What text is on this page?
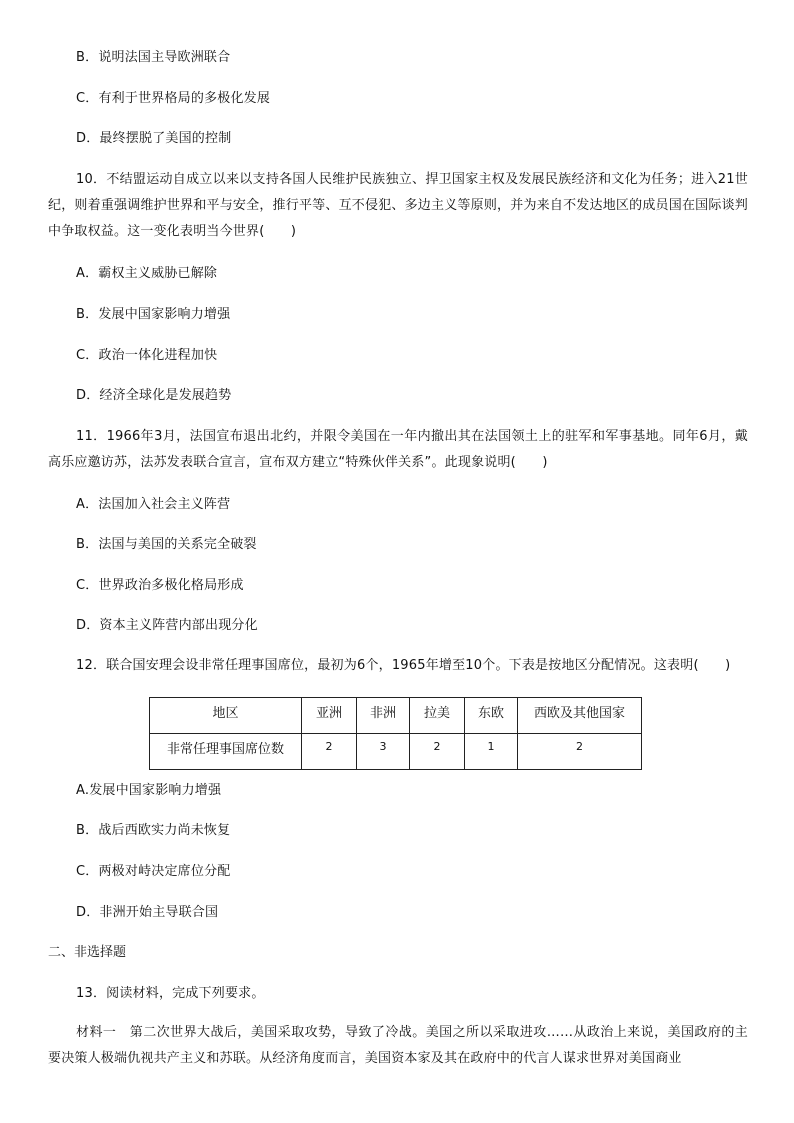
B．说明法国主导欧洲联合
C．有利于世界格局的多极化发展
D．最终摆脱了美国的控制
10．不结盟运动自成立以来以支持各国人民维护民族独立、捍卫国家主权及发展民族经济和文化为任务；进入21世纪，则着重强调维护世界和平与安全，推行平等、互不侵犯、多边主义等原则，并为来自不发达地区的成员国在国际谈判中争取权益。这一变化表明当今世界(　　)
A．霸权主义威胁已解除
B．发展中国家影响力增强
C．政治一体化进程加快
D．经济全球化是发展趋势
11．1966年3月，法国宣布退出北约，并限令美国在一年内撤出其在法国领土上的驻军和军事基地。同年6月，戴高乐应邀访苏，法苏发表联合宣言，宣布双方建立“特殊伙伴关系”。此现象说明(　　)
A．法国加入社会主义阵营
B．法国与美国的关系完全破裂
C．世界政治多极化格局形成
D．资本主义阵营内部出现分化
12．联合国安理会设非常任理事国席位，最初为6个，1965年增至10个。下表是按地区分配情况。这表明(　　)
地区	亚洲	非洲	拉美	东欧	西欧及其他国家
非常任理事国席位数	2	3	2	1	2
A.发展中国家影响力增强
B．战后西欧实力尚未恢复
C．两极对峙决定席位分配
D．非洲开始主导联合国
二、非选择题
13．阅读材料，完成下列要求。
材料一　第二次世界大战后，美国采取攻势，导致了冷战。美国之所以采取进攻……从政治上来说，美国政府的主要决策人极端仇视共产主义和苏联。从经济角度而言，美国资本家及其在政府中的代言人谋求世界对美国商业
